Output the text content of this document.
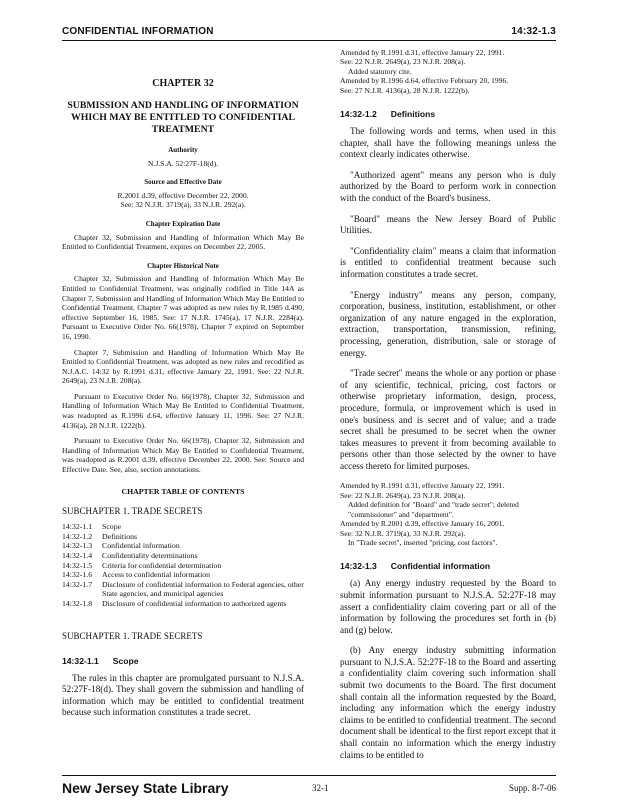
CONFIDENTIAL INFORMATION	14:32-1.3
CHAPTER 32
SUBMISSION AND HANDLING OF INFORMATION WHICH MAY BE ENTITLED TO CONFIDENTIAL TREATMENT
Authority
N.J.S.A. 52:27F-18(d).
Source and Effective Date
R.2001 d.39, effective December 22, 2000.
See: 32 N.J.R. 3719(a), 33 N.J.R. 292(a).
Chapter Expiration Date

Chapter 32, Submission and Handling of Information Which May Be Entitled to Confidential Treatment, expires on December 22, 2005.

Chapter Historical Note

Chapter 32, Submission and Handling of Information Which May Be Entitled to Confidential Treatment, was originally codified in Title 14A as Chapter 7, Submission and Handling of Information Which May Be Entitled to Confidential Treatment. Chapter 7 was adopted as new rules by R.1985 d.490, effective September 16, 1985. See: 17 N.J.R. 1745(a), 17 N.J.R. 2284(a). Pursuant to Executive Order No. 66(1978), Chapter 7 expired on September 16, 1990.

Chapter 7, Submission and Handling of Information Which May Be Entitled to Confidential Treatment, was adopted as new rules and recodified as N.J.A.C. 14:32 by R.1991 d.31, effective January 22, 1991. See: 22 N.J.R. 2649(a), 23 N.J.R. 208(a).

Pursuant to Executive Order No. 66(1978), Chapter 32, Submission and Handling of Information Which May Be Entitled to Confidential Treatment, was readopted as R.1996 d.64, effective January 11, 1996. See: 27 N.J.R. 4136(a), 28 N.J.R. 1222(b).

Pursuant to Executive Order No. 66(1978), Chapter 32, Submission and Handling of Information Which May Be Entitled to Confidential Treatment, was readopted as R.2001 d.39, effective December 22, 2000. See: Source and Effective Date. See, also, section annotations.

CHAPTER TABLE OF CONTENTS
SUBCHAPTER 1. TRADE SECRETS
14:32-1.1	Scope
14:32-1.2	Definitions
14:32-1.3	Confidential information
14:32-1.4	Confidentiality determinations
14:32-1.5	Criteria for confidential determination
14:32-1.6	Access to confidential information
14:32-1.7	Disclosure of confidential information to Federal agencies, other State agencies, and municipal agencies
14:32-1.8	Disclosure of confidential information to authorized agents
SUBCHAPTER 1. TRADE SECRETS
14:32-1.1 Scope

The rules in this chapter are promulgated pursuant to N.J.S.A. 52:27F-18(d). They shall govern the submission and handling of information which may be entitled to confidential treatment because such information constitutes a trade secret.

Amended by R.1991 d.31, effective January 22, 1991.
See: 22 N.J.R. 2649(a), 23 N.J.R. 208(a).
Added statutory cite.
Amended by R.1996 d.64, effective February 20, 1996.
See: 27 N.J.R. 4136(a), 28 N.J.R. 1222(b).
14:32-1.2 Definitions

The following words and terms, when used in this chapter, shall have the following meanings unless the context clearly indicates otherwise.

"Authorized agent" means any person who is duly authorized by the Board to perform work in connection with the conduct of the Board's business.

"Board" means the New Jersey Board of Public Utilities.

"Confidentiality claim" means a claim that information is entitled to confidential treatment because such information constitutes a trade secret.

"Energy industry" means any person, company, corporation, business, institution, establishment, or other organization of any nature engaged in the exploration, extraction, transportation, transmission, refining, processing, generation, distribution, sale or storage of energy.

"Trade secret" means the whole or any portion or phase of any scientific, technical, pricing, cost factors or otherwise proprietary information, design, process, procedure, formula, or improvement which is used in one's business and is secret and of value; and a trade secret shall be presumed to be secret when the owner takes measures to prevent it from becoming available to persons other than those selected by the owner to have access thereto for limited purposes.

Amended by R.1991 d.31, effective January 22, 1991.
See: 22 N.J.R. 2649(a), 23 N.J.R. 208(a).
Added definition for "Board" and "trade secret"; deleted "commissioner" and "department".
Amended by R.2001 d.39, effective January 16, 2001.
See: 32 N.J.R. 3719(a), 33 N.J.R. 292(a).
In "Trade secret", inserted "pricing, cost factors".
14:32-1.3 Confidential information

(a) Any energy industry requested by the Board to submit information pursuant to N.J.S.A. 52:27F-18 may assert a confidentiality claim covering part or all of the information by following the procedures set forth in (b) and (g) below.

(b) Any energy industry submitting information pursuant to N.J.S.A. 52:27F-18 to the Board and asserting a confidentiality claim covering such information shall submit two documents to the Board. The first document shall contain all the information requested by the Board, including any information which the energy industry claims to be entitled to confidential treatment. The second document shall be identical to the first report except that it shall contain no information which the energy industry claims to be entitled to

New Jersey State Library	32-1	Supp. 8-7-06
